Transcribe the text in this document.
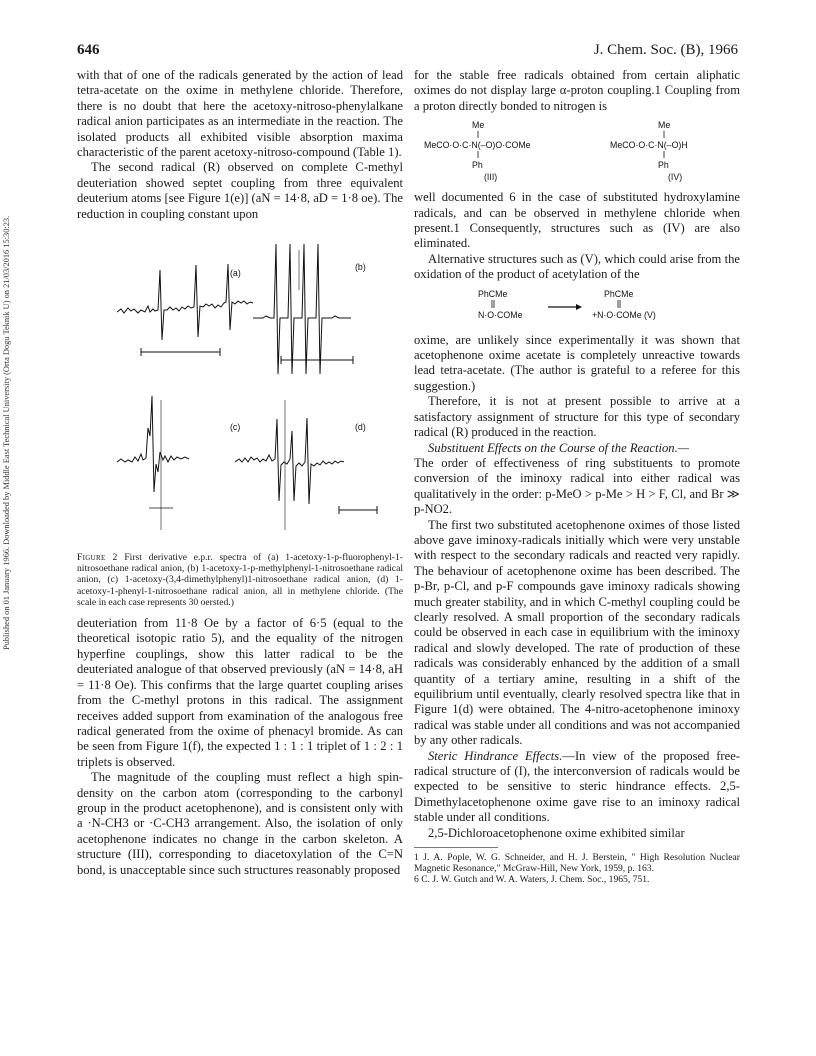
Published on 01 January 1966. Downloaded by Middle East Technical University (Orta Dogu Teknik U) on 21/03/2016 15:30:23.
646	J. Chem. Soc. (B), 1966

with that of one of the radicals generated by the action of lead tetra-acetate on the oxime in methylene chloride. Therefore, there is no doubt that here the acetoxy-nitroso-phenylalkane radical anion participates as an intermediate in the reaction. The isolated products all exhibited visible absorption maxima characteristic of the parent acetoxy-nitroso-compound (Table 1).

The second radical (R) observed on complete C-methyl deuteriation showed septet coupling from three equivalent deuterium atoms [see Figure 1(e)] (aN = 14·8, aD = 1·8 oe). The reduction in coupling constant upon

(a)
(b)
(c)	(d)
Figure 2 First derivative e.p.r. spectra of (a) 1-acetoxy-1-p-fluorophenyl-1-nitrosoethane radical anion, (b) 1-acetoxy-1-p-methylphenyl-1-nitrosoethane radical anion, (c) 1-acetoxy-(3,4-dimethylphenyl)1-nitrosoethane radical anion, (d) 1-acetoxy-1-phenyl-1-nitrosoethane radical anion, all in methylene chloride. (The scale in each case represents 30 oersted.)

deuteriation from 11·8 Oe by a factor of 6·5 (equal to the theoretical isotopic ratio 5), and the equality of the nitrogen hyperfine couplings, show this latter radical to be the deuteriated analogue of that observed previously (aN = 14·8, aH = 11·8 Oe). This confirms that the large quartet coupling arises from the C-methyl protons in this radical. The assignment receives added support from examination of the analogous free radical generated from the oxime of phenacyl bromide. As can be seen from Figure 1(f), the expected 1 : 1 : 1 triplet of 1 : 2 : 1 triplets is observed.

The magnitude of the coupling must reflect a high spin-density on the carbon atom (corresponding to the carbonyl group in the product acetophenone), and is consistent only with a ·N-CH3 or ·C-CH3 arrangement. Also, the isolation of only acetophenone indicates no change in the carbon skeleton. A structure (III), corresponding to diacetoxylation of the C=N bond, is unacceptable since such structures reasonably proposed

for the stable free radicals obtained from certain aliphatic oximes do not display large α-proton coupling.1 Coupling from a proton directly bonded to nitrogen is

Me
MeCO·O·C·N(–O)O·COMe
Ph
(III)
Me
MeCO·O·C·N(–O)H
Ph
(IV)

well documented 6 in the case of substituted hydroxylamine radicals, and can be observed in methylene chloride when present.1 Consequently, structures such as (IV) are also eliminated.

Alternative structures such as (V), which could arise from the oxidation of the product of acetylation of the

PhCMe
N·O·COMe
PhCMe
+N·O·COMe (V)

oxime, are unlikely since experimentally it was shown that acetophenone oxime acetate is completely unreactive towards lead tetra-acetate. (The author is grateful to a referee for this suggestion.)

Therefore, it is not at present possible to arrive at a satisfactory assignment of structure for this type of secondary radical (R) produced in the reaction.

Substituent Effects on the Course of the Reaction.—

The order of effectiveness of ring substituents to promote conversion of the iminoxy radical into either radical was qualitatively in the order: p-MeO > p-Me > H > F, Cl, and Br ≫ p-NO2.

The first two substituted acetophenone oximes of those listed above gave iminoxy-radicals initially which were very unstable with respect to the secondary radicals and reacted very rapidly. The behaviour of acetophenone oxime has been described. The p-Br, p-Cl, and p-F compounds gave iminoxy radicals showing much greater stability, and in which C-methyl coupling could be clearly resolved. A small proportion of the secondary radicals could be observed in each case in equilibrium with the iminoxy radical and slowly developed. The rate of production of these radicals was considerably enhanced by the addition of a small quantity of a tertiary amine, resulting in a shift of the equilibrium until eventually, clearly resolved spectra like that in Figure 1(d) were obtained. The 4-nitro-acetophenone iminoxy radical was stable under all conditions and was not accompanied by any other radicals.

Steric Hindrance Effects.—In view of the proposed free-radical structure of (I), the interconversion of radicals would be expected to be sensitive to steric hindrance effects. 2,5-Dimethylacetophenone oxime gave rise to an iminoxy radical stable under all conditions.

2,5-Dichloroacetophenone oxime exhibited similar

1 J. A. Pople, W. G. Schneider, and H. J. Berstein, " High Resolution Nuclear Magnetic Resonance," McGraw-Hill, New York, 1959, p. 163.

6 C. J. W. Gutch and W. A. Waters, J. Chem. Soc., 1965, 751.
